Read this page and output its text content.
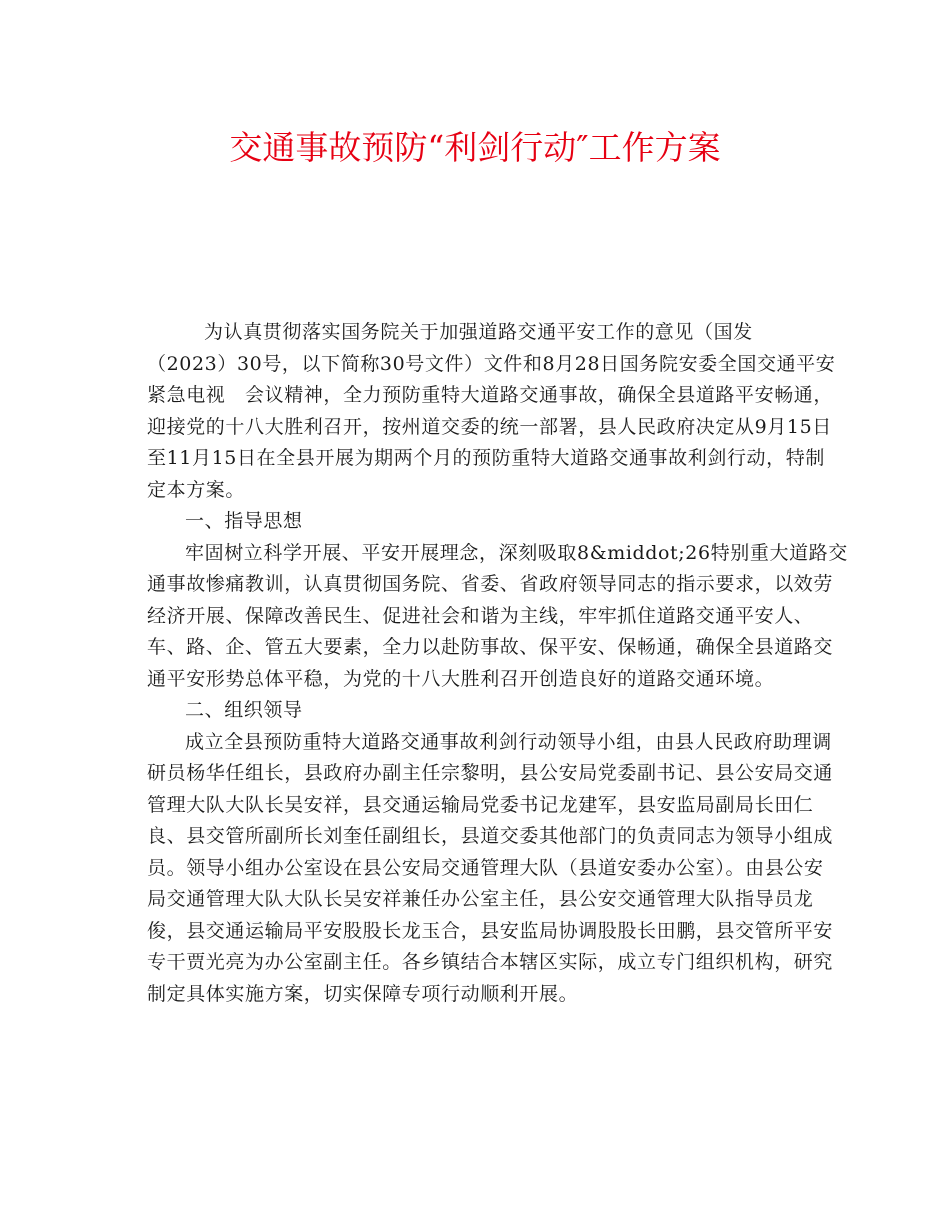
交通事故预防“利剑行动″工作方案
为认真贯彻落实国务院关于加强道路交通平安工作的意见（国发
（2023）30号，以下简称30号文件）文件和8月28日国务院安委全国交通平安
紧急电视　会议精神，全力预防重特大道路交通事故，确保全县道路平安畅通，
迎接党的十八大胜利召开，按州道交委的统一部署，县人民政府决定从9月15日
至11月15日在全县开展为期两个月的预防重特大道路交通事故利剑行动，特制
定本方案。
一、指导思想
牢固树立科学开展、平安开展理念，深刻吸取8&middot;26特别重大道路交
通事故惨痛教训，认真贯彻国务院、省委、省政府领导同志的指示要求，以效劳
经济开展、保障改善民生、促进社会和谐为主线，牢牢抓住道路交通平安人、
车、路、企、管五大要素，全力以赴防事故、保平安、保畅通，确保全县道路交
通平安形势总体平稳，为党的十八大胜利召开创造良好的道路交通环境。
二、组织领导
成立全县预防重特大道路交通事故利剑行动领导小组，由县人民政府助理调
研员杨华任组长，县政府办副主任宗黎明，县公安局党委副书记、县公安局交通
管理大队大队长吴安祥，县交通运输局党委书记龙建军，县安监局副局长田仁
良、县交管所副所长刘奎任副组长，县道交委其他部门的负责同志为领导小组成
员。领导小组办公室设在县公安局交通管理大队（县道安委办公室）。由县公安
局交通管理大队大队长吴安祥兼任办公室主任，县公安交通管理大队指导员龙
俊，县交通运输局平安股股长龙玉合，县安监局协调股股长田鹏，县交管所平安
专干贾光亮为办公室副主任。各乡镇结合本辖区实际，成立专门组织机构，研究
制定具体实施方案，切实保障专项行动顺利开展。
